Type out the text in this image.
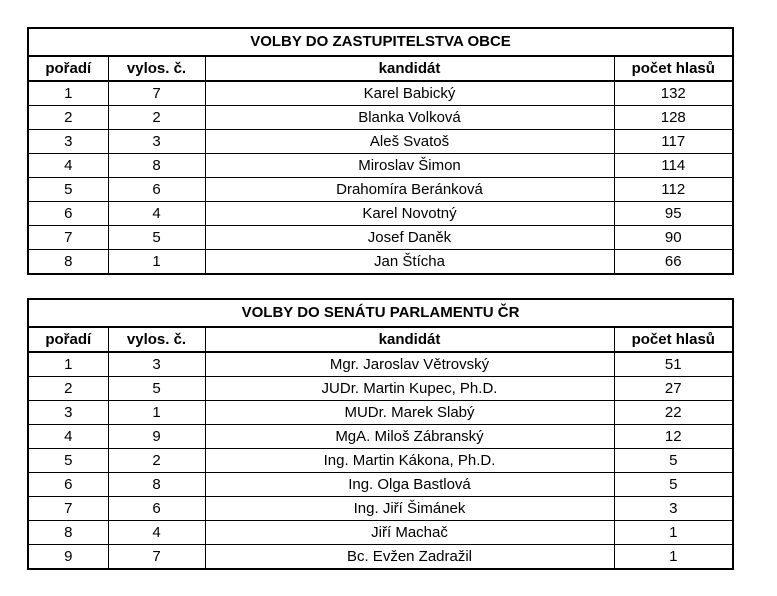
VOLBY DO ZASTUPITELSTVA OBCE			
pořadí	vylos. č.	kandidát	počet hlasů
1	7	Karel Babický	132
2	2	Blanka Volková	128
3	3	Aleš Svatoš	117
4	8	Miroslav Šimon	114
5	6	Drahomíra Beránková	112
6	4	Karel Novotný	95
7	5	Josef Daněk	90
8	1	Jan Štícha	66
VOLBY DO SENÁTU PARLAMENTU ČR			
pořadí	vylos. č.	kandidát	počet hlasů
1	3	Mgr. Jaroslav Větrovský	51
2	5	JUDr. Martin Kupec, Ph.D.	27
3	1	MUDr. Marek Slabý	22
4	9	MgA. Miloš Zábranský	12
5	2	Ing. Martin Kákona, Ph.D.	5
6	8	Ing. Olga Bastlová	5
7	6	Ing. Jiří Šimánek	3
8	4	Jiří Machač	1
9	7	Bc. Evžen Zadražil	1
